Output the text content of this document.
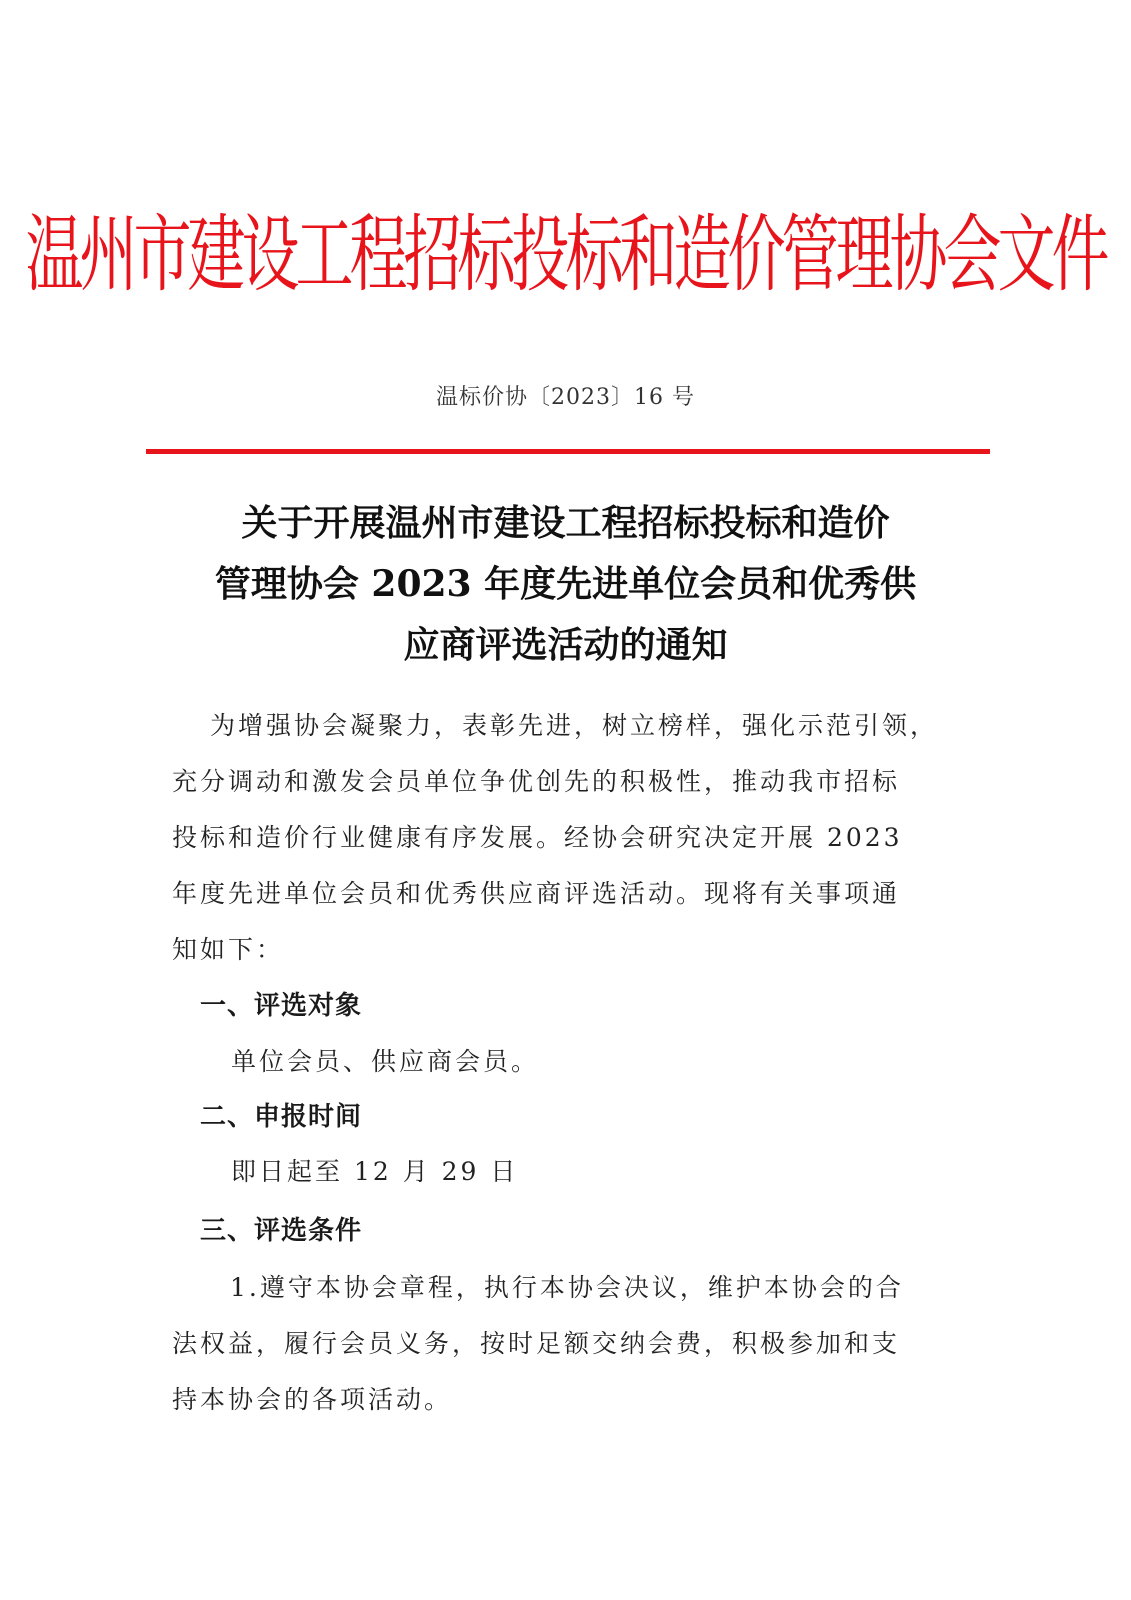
温州市建设工程招标投标和造价管理协会文件
温标价协〔2023〕16 号
关于开展温州市建设工程招标投标和造价
管理协会 2023 年度先进单位会员和优秀供
应商评选活动的通知
为增强协会凝聚力，表彰先进，树立榜样，强化示范引领，
充分调动和激发会员单位争优创先的积极性，推动我市招标
投标和造价行业健康有序发展。经协会研究决定开展 2023
年度先进单位会员和优秀供应商评选活动。现将有关事项通
知如下：
一、评选对象
单位会员、供应商会员。
二、申报时间
即日起至 12 月 29 日
三、评选条件
1.遵守本协会章程，执行本协会决议，维护本协会的合
法权益，履行会员义务，按时足额交纳会费，积极参加和支
持本协会的各项活动。
